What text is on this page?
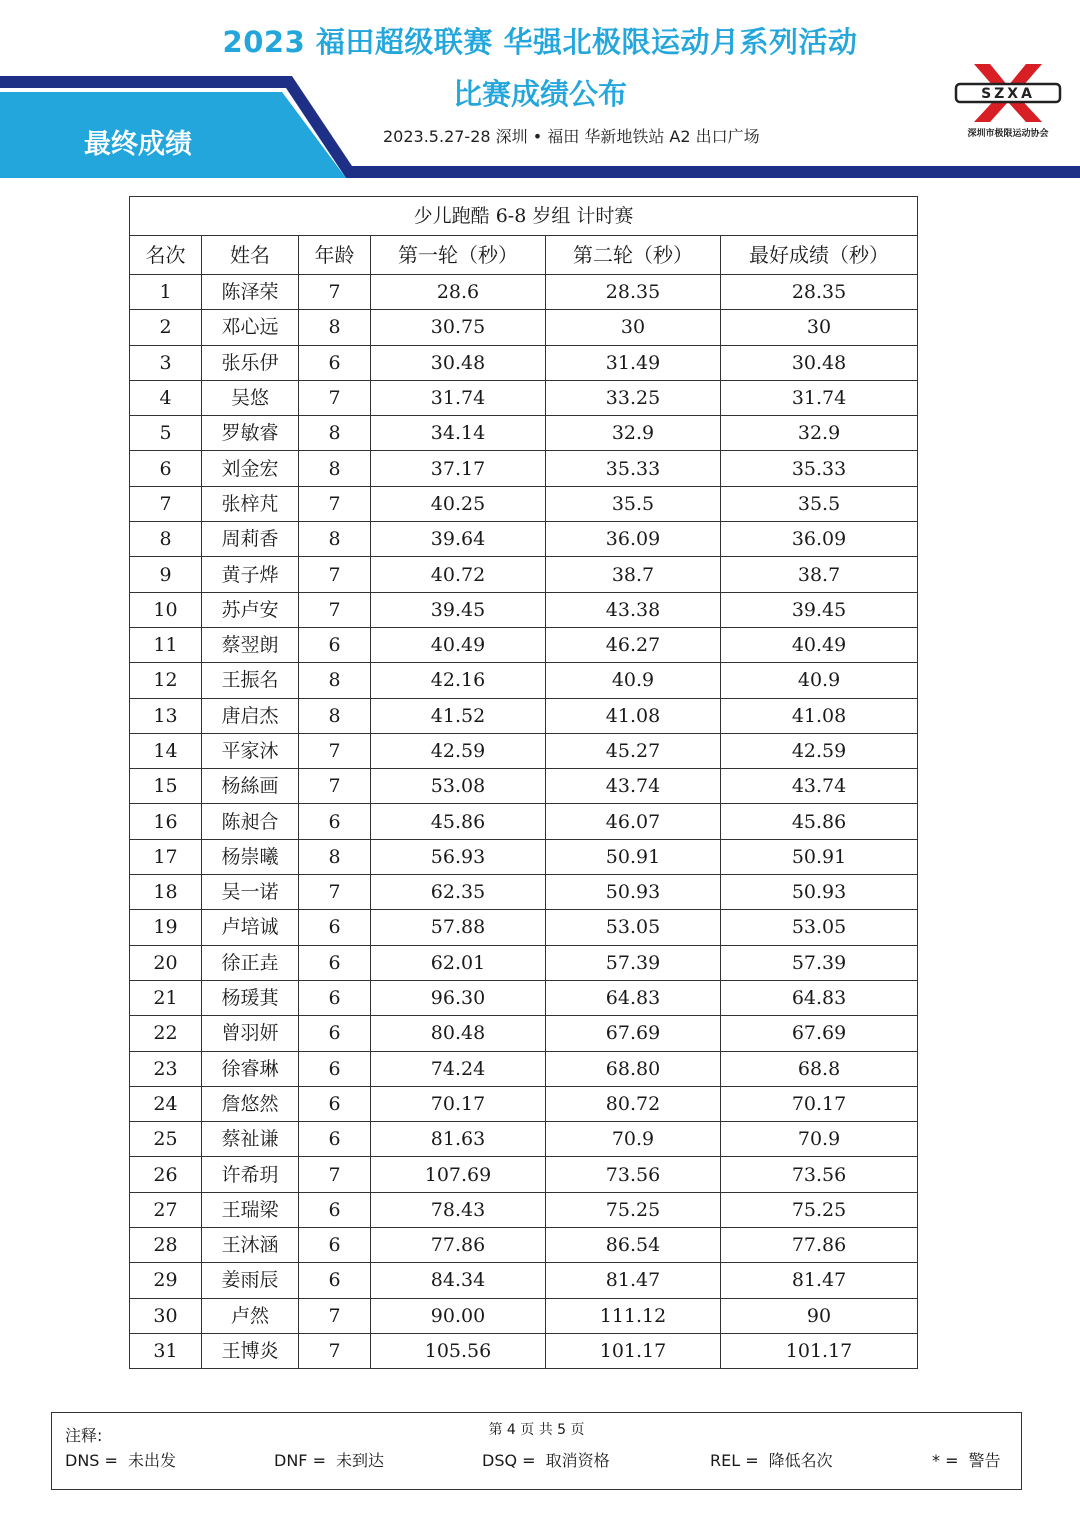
2023 福田超级联赛 华强北极限运动月系列活动
比赛成绩公布
最终成绩	2023.5.27-28 深圳 • 福田 华新地铁站 A2 出口广场
SZXA
深圳市极限运动协会
少儿跑酷 6-8 岁组 计时赛					
名次	姓名	年龄	第一轮（秒）	第二轮（秒）	最好成绩（秒）
1	陈泽荣	7	28.6	28.35	28.35
2	邓心远	8	30.75	30	30
3	张乐伊	6	30.48	31.49	30.48
4	吴悠	7	31.74	33.25	31.74
5	罗敏睿	8	34.14	32.9	32.9
6	刘金宏	8	37.17	35.33	35.33
7	张梓芃	7	40.25	35.5	35.5
8	周莉香	8	39.64	36.09	36.09
9	黄子烨	7	40.72	38.7	38.7
10	苏卢安	7	39.45	43.38	39.45
11	蔡翌朗	6	40.49	46.27	40.49
12	王振名	8	42.16	40.9	40.9
13	唐启杰	8	41.52	41.08	41.08
14	平家沐	7	42.59	45.27	42.59
15	杨絲画	7	53.08	43.74	43.74
16	陈昶合	6	45.86	46.07	45.86
17	杨崇曦	8	56.93	50.91	50.91
18	吴一诺	7	62.35	50.93	50.93
19	卢培诚	6	57.88	53.05	53.05
20	徐正垚	6	62.01	57.39	57.39
21	杨瑗萁	6	96.30	64.83	64.83
22	曾羽妍	6	80.48	67.69	67.69
23	徐睿琳	6	74.24	68.80	68.8
24	詹悠然	6	70.17	80.72	70.17
25	蔡祉谦	6	81.63	70.9	70.9
26	许希玥	7	107.69	73.56	73.56
27	王瑞梁	6	78.43	75.25	75.25
28	王沐涵	6	77.86	86.54	77.86
29	姜雨辰	6	84.34	81.47	81.47
30	卢然	7	90.00	111.12	90
31	王博炎	7	105.56	101.17	101.17
注释:	第 4 页 共 5 页
DNS = 未出发	DNF = 未到达	DSQ = 取消资格	REL = 降低名次	* = 警告
